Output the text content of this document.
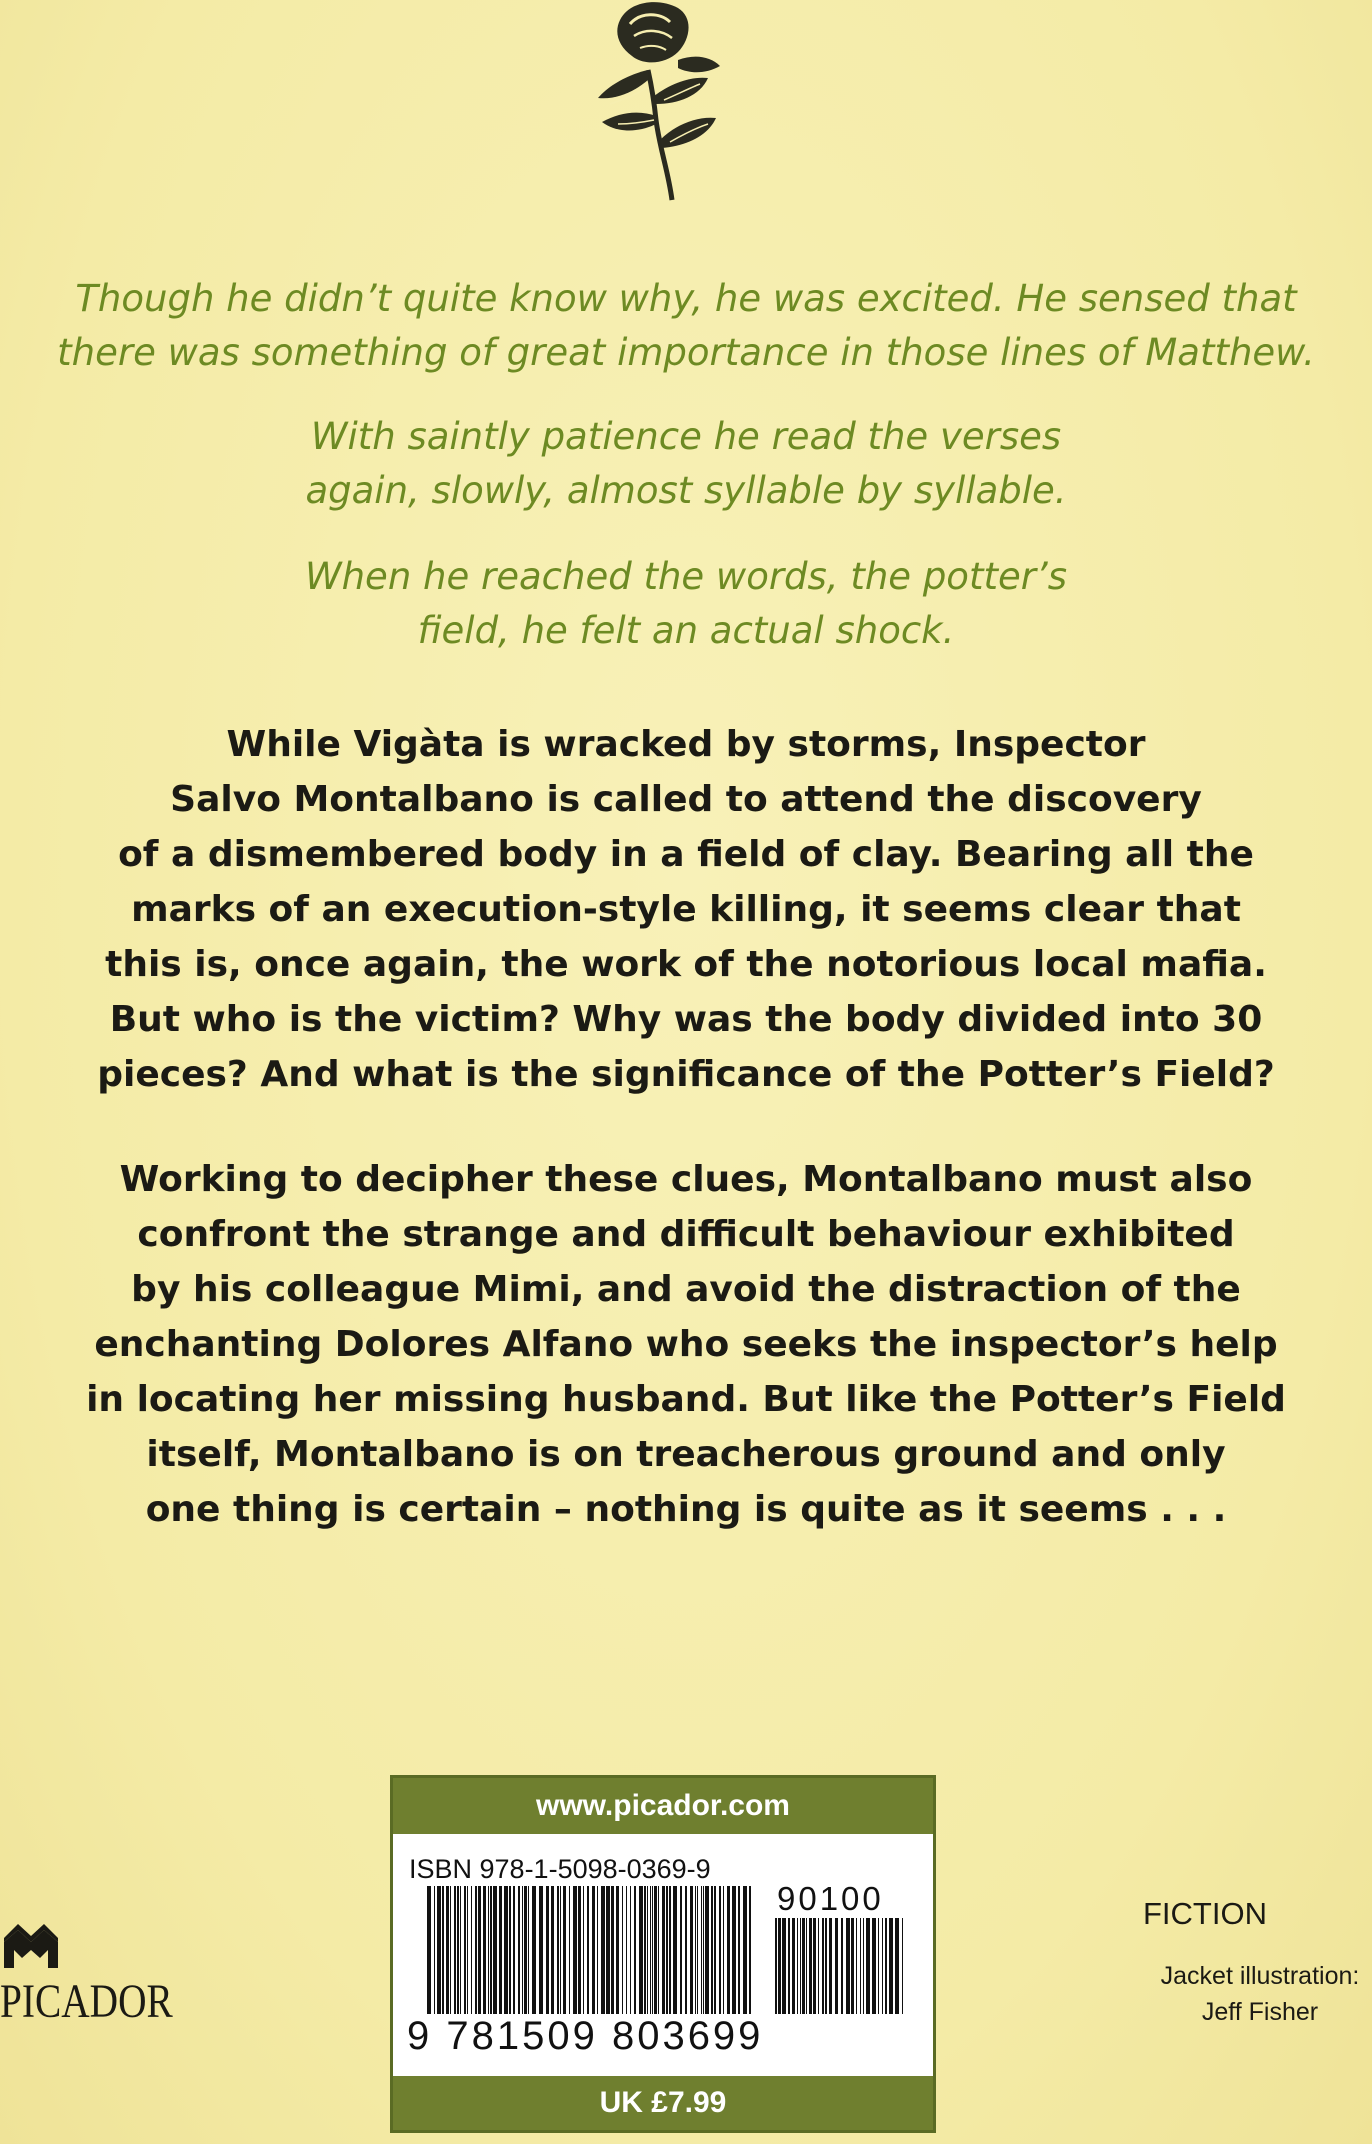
Though he didn’t quite know why, he was excited. He sensed that
there was something of great importance in those lines of Matthew.

With saintly patience he read the verses
again, slowly, almost syllable by syllable.

When he reached the words, the potter’s
field, he felt an actual shock.

While Vigàta is wracked by storms, Inspector
Salvo Montalbano is called to attend the discovery
of a dismembered body in a field of clay. Bearing all the
marks of an execution-style killing, it seems clear that
this is, once again, the work of the notorious local mafia.
But who is the victim? Why was the body divided into 30
pieces? And what is the significance of the Potter’s Field?

Working to decipher these clues, Montalbano must also
confront the strange and difficult behaviour exhibited
by his colleague Mimi, and avoid the distraction of the
enchanting Dolores Alfano who seeks the inspector’s help
in locating her missing husband. But like the Potter’s Field
itself, Montalbano is on treacherous ground and only
one thing is certain – nothing is quite as it seems . . .

www.picador.com
ISBN 978-1-5098-0369-9
90100
9 781509 803699
UK £7.99
PICADOR
FICTION

Jacket illustration:
Jeff Fisher
